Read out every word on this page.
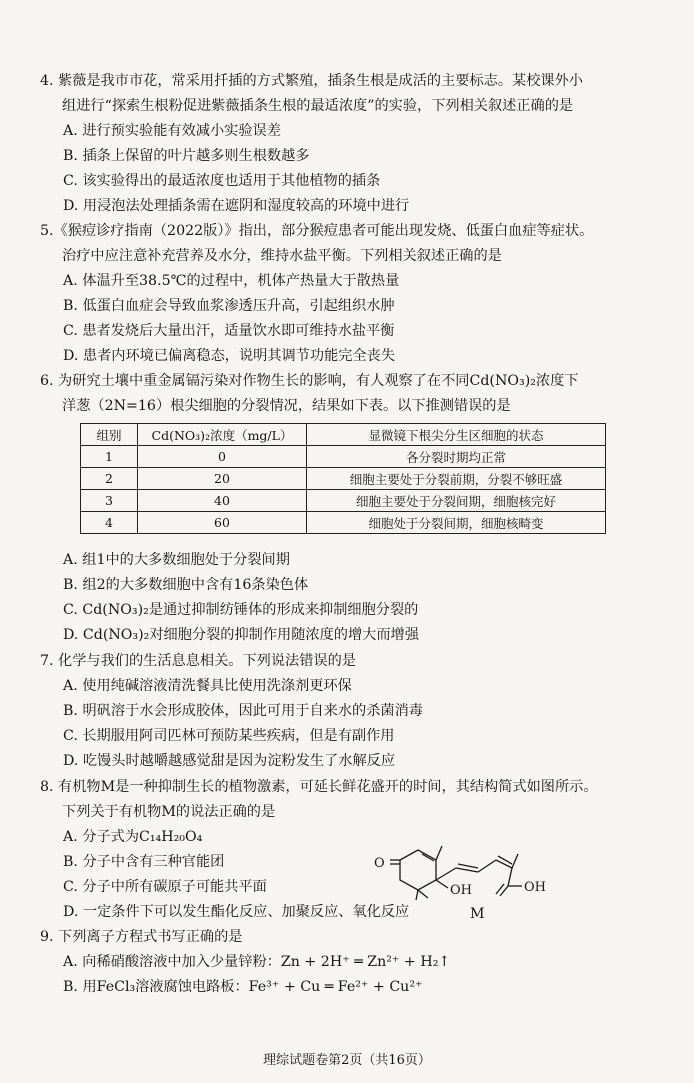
4. 紫薇是我市市花，常采用扦插的方式繁殖，插条生根是成活的主要标志。某校课外小
组进行“探索生根粉促进紫薇插条生根的最适浓度”的实验，下列相关叙述正确的是
A. 进行预实验能有效减小实验误差
B. 插条上保留的叶片越多则生根数越多
C. 该实验得出的最适浓度也适用于其他植物的插条
D. 用浸泡法处理插条需在遮阴和湿度较高的环境中进行
5.《猴痘诊疗指南（2022版）》指出，部分猴痘患者可能出现发烧、低蛋白血症等症状。
治疗中应注意补充营养及水分，维持水盐平衡。下列相关叙述正确的是
A. 体温升至38.5℃的过程中，机体产热量大于散热量
B. 低蛋白血症会导致血浆渗透压升高，引起组织水肿
C. 患者发烧后大量出汗，适量饮水即可维持水盐平衡
D. 患者内环境已偏离稳态，说明其调节功能完全丧失
6. 为研究土壤中重金属镉污染对作物生长的影响，有人观察了在不同Cd(NO₃)₂浓度下
洋葱（2N=16）根尖细胞的分裂情况，结果如下表。以下推测错误的是
组别	Cd(NO₃)₂浓度（mg/L）	显微镜下根尖分生区细胞的状态
1	0	各分裂时期均正常
2	20	细胞主要处于分裂前期，分裂不够旺盛
3	40	细胞主要处于分裂间期，细胞核完好
4	60	细胞处于分裂间期，细胞核畸变
A. 组1中的大多数细胞处于分裂间期
B. 组2的大多数细胞中含有16条染色体
C. Cd(NO₃)₂是通过抑制纺锤体的形成来抑制细胞分裂的
D. Cd(NO₃)₂对细胞分裂的抑制作用随浓度的增大而增强
7. 化学与我们的生活息息相关。下列说法错误的是
A. 使用纯碱溶液清洗餐具比使用洗涤剂更环保
B. 明矾溶于水会形成胶体，因此可用于自来水的杀菌消毒
C. 长期服用阿司匹林可预防某些疾病，但是有副作用
D. 吃馒头时越嚼越感觉甜是因为淀粉发生了水解反应
8. 有机物M是一种抑制生长的植物激素，可延长鲜花盛开的时间，其结构简式如图所示。
下列关于有机物M的说法正确的是
A. 分子式为C₁₄H₂₀O₄
B. 分子中含有三种官能团
C. 分子中所有碳原子可能共平面
D. 一定条件下可以发生酯化反应、加聚反应、氧化反应
O
OH	OH
M
9. 下列离子方程式书写正确的是
A. 向稀硝酸溶液中加入少量锌粉：Zn + 2H⁺ ═ Zn²⁺ + H₂↑
B. 用FeCl₃溶液腐蚀电路板：Fe³⁺ + Cu ═ Fe²⁺ + Cu²⁺
理综试题卷第2页（共16页）
